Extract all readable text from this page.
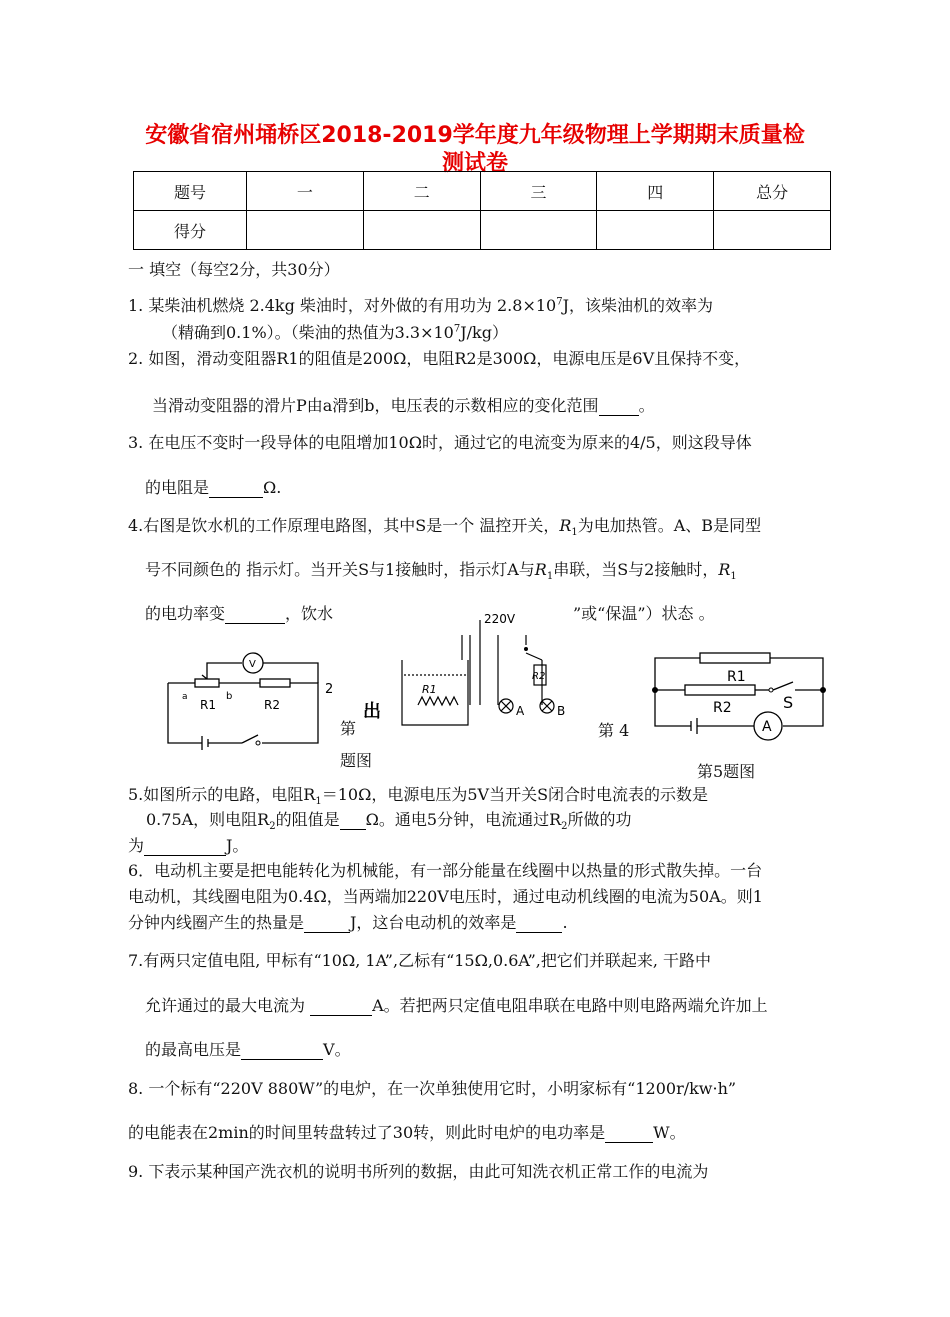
安徽省宿州埇桥区2018-2019学年度九年级物理上学期期末质量检
测试卷
题号	一	二	三	四	总分
得分					
一 填空（每空2分，共30分）
1. 某柴油机燃烧 2.4kg 柴油时，对外做的有用功为 $2.8\times 10^7J$，该柴油机的效率为
（精确到0.1%）。（柴油的热值为$3.3\times 10^7J/kg$）
2. 如图，滑动变阻器R1的阻值是200Ω，电阻R2是300Ω，电源电压是6V且保持不变，
当滑动变阻器的滑片P由a滑到b，电压表的示数相应的变化范围	。
3. 在电压不变时一段导体的电阻增加10Ω时，通过它的电流变为原来的4/5，则这段导体
的电阻是	Ω.
4.右图是饮水机的工作原理电路图，其中S是一个 温控开关，$R_1$为电加热管。A、B是同型
号不同颜色的 指示灯。当开关S与1接触时，指示灯A与$R_1$串联，当S与2接触时，$R_1$
的电功率变	，饮水	”或“保温”）状态 。
V
a	b
R1	R2
2
第
题图
220V
R1
R2
A	B
出
第 4
R1
R2	S
A
第5题图
5.如图所示的电路，电阻$R_1=10\Omega$，电源电压为5V当开关S闭合时电流表的示数是
0.75A，则电阻$R_2$的阻值是 Ω。通电5分钟，电流通过$R_2$所做的功
为	J。
6．电动机主要是把电能转化为机械能，有一部分能量在线圈中以热量的形式散失掉。一台
电动机，其线圈电阻为0.4Ω，当两端加220V电压时，通过电动机线圈的电流为50A。则1
分钟内线圈产生的热量是	J，这台电动机的效率是	.
7.有两只定值电阻, 甲标有“10Ω, 1A”,乙标有“15Ω,0.6A”,把它们并联起来, 干路中
允许通过的最大电流为	A。若把两只定值电阻串联在电路中则电路两端允许加上
的最高电压是	V。
8. 一个标有“220V 880W”的电炉，在一次单独使用它时，小明家标有“1200r/kw·h”
的电能表在2min的时间里转盘转过了30转，则此时电炉的电功率是	W。
9. 下表示某种国产洗衣机的说明书所列的数据，由此可知洗衣机正常工作的电流为
